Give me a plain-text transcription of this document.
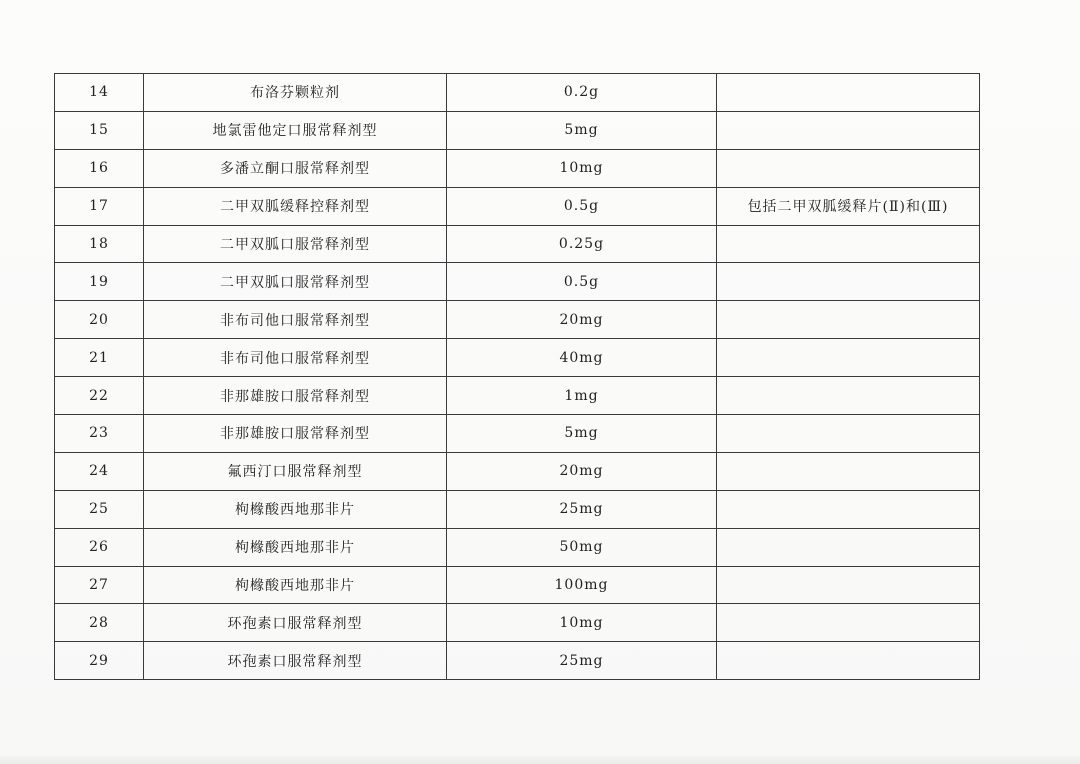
14	布洛芬颗粒剂	0.2g	
15	地氯雷他定口服常释剂型	5mg	
16	多潘立酮口服常释剂型	10mg	
17	二甲双胍缓释控释剂型	0.5g	包括二甲双胍缓释片(Ⅱ)和(Ⅲ)
18	二甲双胍口服常释剂型	0.25g	
19	二甲双胍口服常释剂型	0.5g	
20	非布司他口服常释剂型	20mg	
21	非布司他口服常释剂型	40mg	
22	非那雄胺口服常释剂型	1mg	
23	非那雄胺口服常释剂型	5mg	
24	氟西汀口服常释剂型	20mg	
25	枸橼酸西地那非片	25mg	
26	枸橼酸西地那非片	50mg	
27	枸橼酸西地那非片	100mg	
28	环孢素口服常释剂型	10mg	
29	环孢素口服常释剂型	25mg	
